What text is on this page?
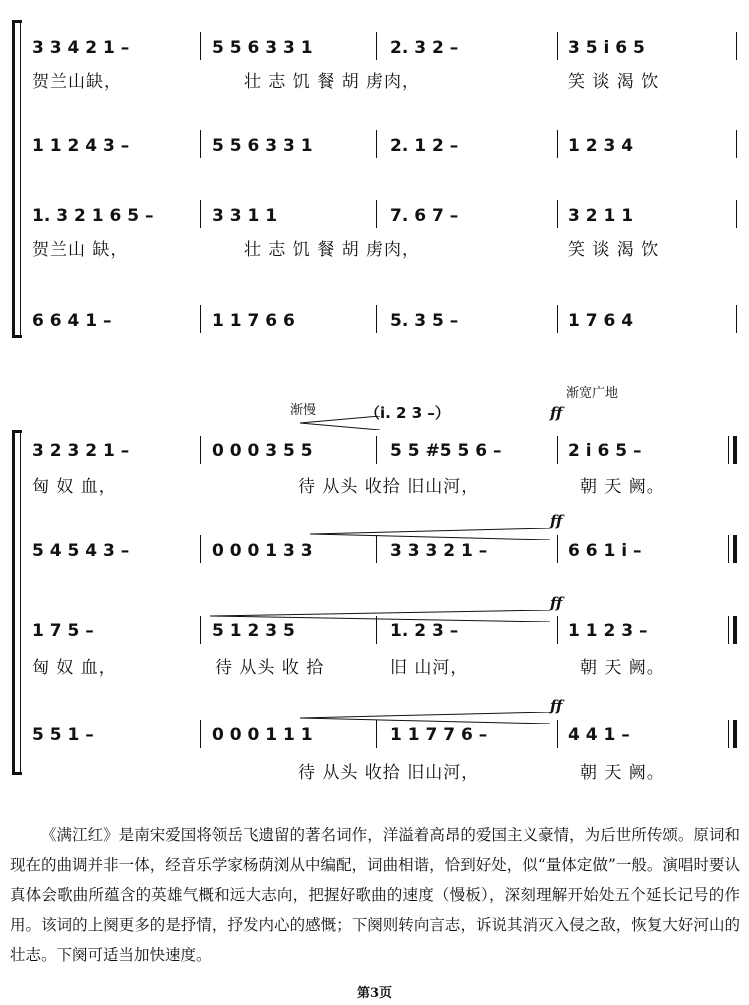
3 3 4 2 1 –	5 5 6 3 3 1	2. 3 2 –	3 5 i 6 5
贺兰山缺，	壮 志 饥 餐 胡 虏肉，	笑 谈 渴 饮
1 1 2 4 3 –	5 5 6 3 3 1	2. 1 2 –	1 2 3 4
1. 3 2 1 6 5 –	3 3 1 1	7. 6 7 –	3 2 1 1
贺兰山 缺，	壮 志 饥 餐 胡 虏肉，	笑 谈 渴 饮
6 6 4 1 –	1 1 7 6 6	5. 3 5 –	1 7 6 4
渐宽广地
渐慢	（i. 2 3 –）	ff
3 2 3 2 1 –	0 0 0 3 5 5	5 5 #5 5 6 –	2 i 6 5 –
匈 奴 血，	待 从头 收拾 旧山河，	朝 天 阙。
ff
5 4 5 4 3 –	0 0 0 1 3 3	3 3 3 2 1 –	6 6 1 i –
ff
1 7 5 –	5 1 2 3 5	1. 2 3 –	1 1 2 3 –
匈 奴 血，	待 从头 收 拾	旧 山河，	朝 天 阙。
ff
5 5 1 –	0 0 0 1 1 1	1 1 7 7 6 –	4 4 1 –
待 从头 收拾 旧山河，	朝 天 阙。

《满江红》是南宋爱国将领岳飞遗留的著名词作，洋溢着高昂的爱国主义豪情，为后世所传颂。原词和现在的曲调并非一体，经音乐学家杨荫浏从中编配，词曲相谐，恰到好处，似“量体定做”一般。演唱时要认真体会歌曲所蕴含的英雄气概和远大志向，把握好歌曲的速度（慢板），深刻理解开始处五个延长记号的作用。该词的上阕更多的是抒情，抒发内心的感慨；下阕则转向言志，诉说其消灭入侵之敌，恢复大好河山的壮志。下阕可适当加快速度。

第3页
